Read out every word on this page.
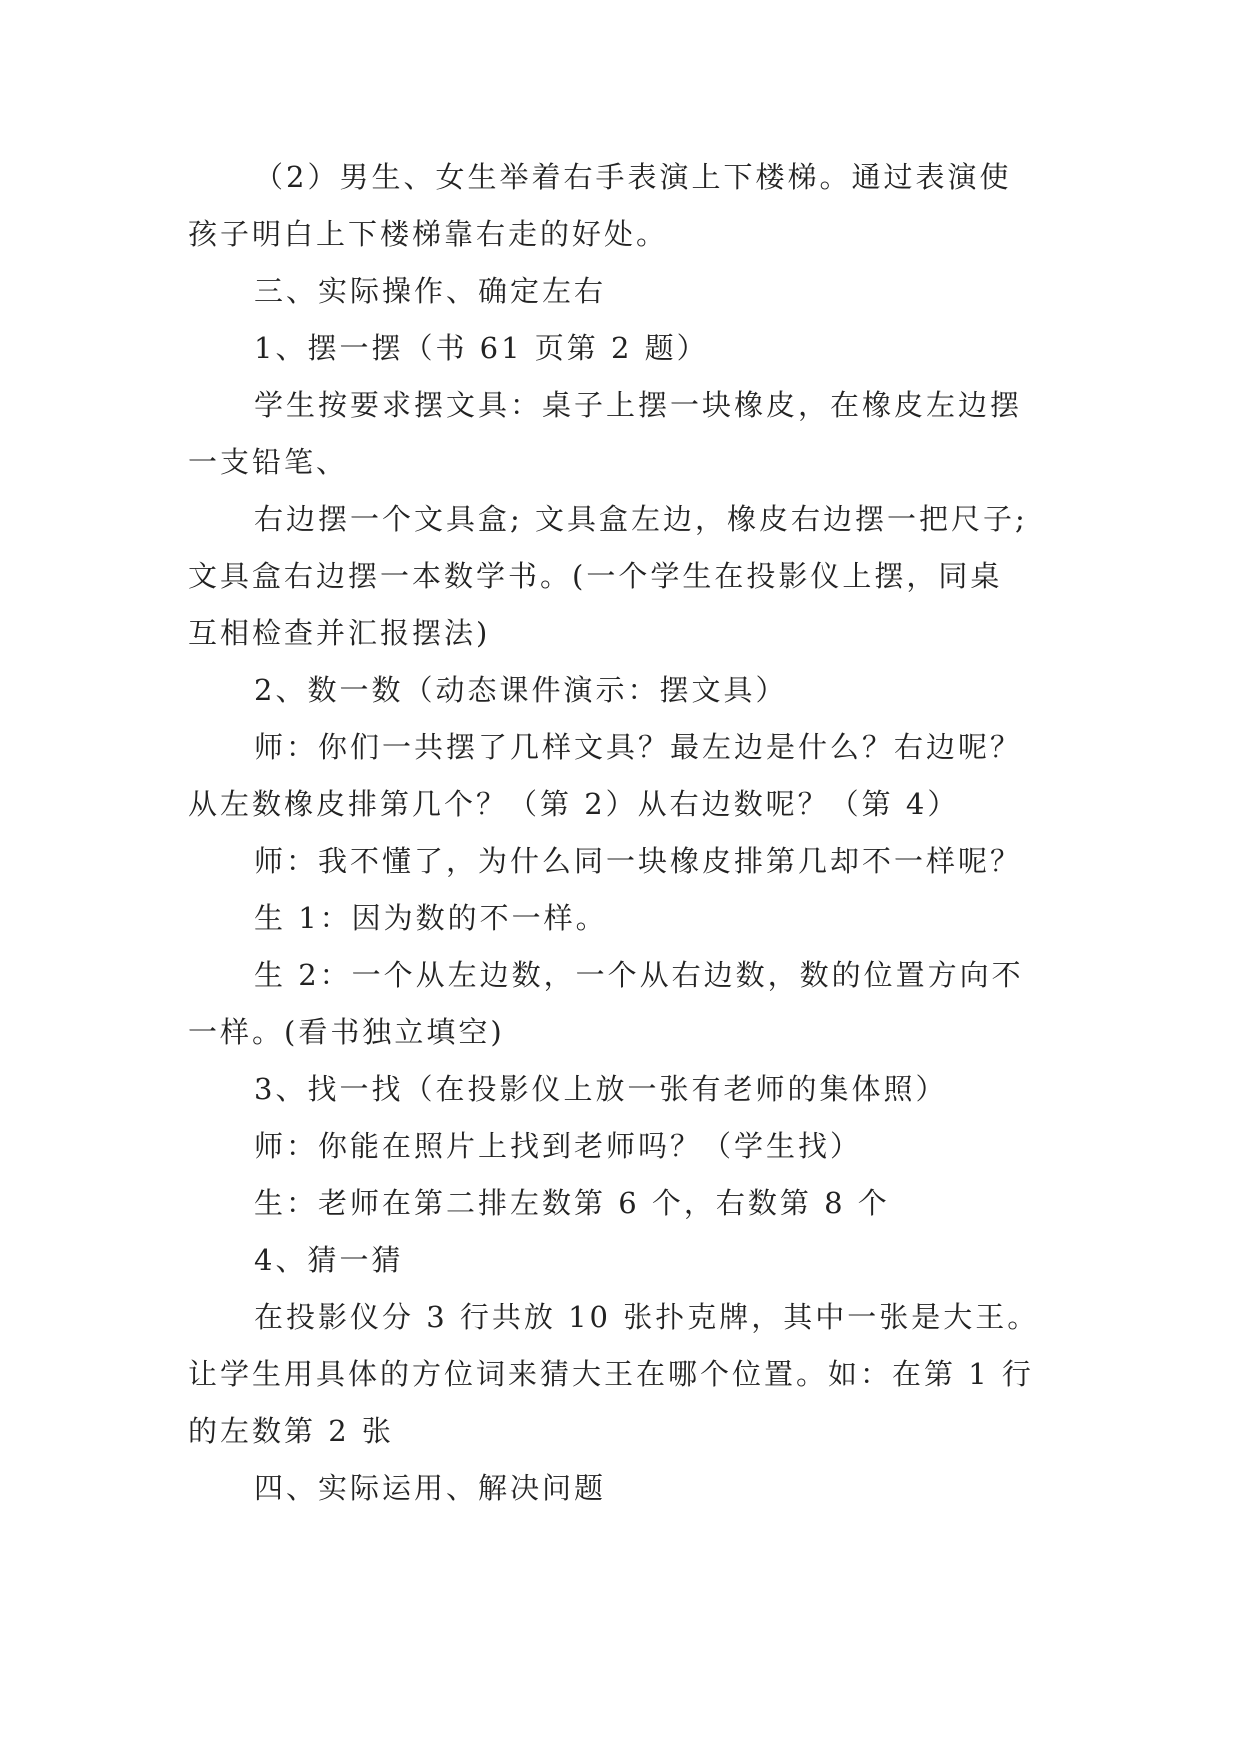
（2）男生、女生举着右手表演上下楼梯。通过表演使
孩子明白上下楼梯靠右走的好处。
三、实际操作、确定左右
1、摆一摆（书 61 页第 2 题）
学生按要求摆文具：桌子上摆一块橡皮，在橡皮左边摆
一支铅笔、
右边摆一个文具盒; 文具盒左边，橡皮右边摆一把尺子;
文具盒右边摆一本数学书。(一个学生在投影仪上摆，同桌
互相检查并汇报摆法)
2、数一数（动态课件演示：摆文具）
师：你们一共摆了几样文具？最左边是什么？右边呢？
从左数橡皮排第几个？（第 2）从右边数呢？（第 4）
师：我不懂了，为什么同一块橡皮排第几却不一样呢？
生 1：因为数的不一样。
生 2：一个从左边数，一个从右边数，数的位置方向不
一样。(看书独立填空)
3、找一找（在投影仪上放一张有老师的集体照）
师：你能在照片上找到老师吗？（学生找）
生：老师在第二排左数第 6 个，右数第 8 个
4、猜一猜
在投影仪分 3 行共放 10 张扑克牌，其中一张是大王。
让学生用具体的方位词来猜大王在哪个位置。如：在第 1 行
的左数第 2 张
四、实际运用、解决问题
